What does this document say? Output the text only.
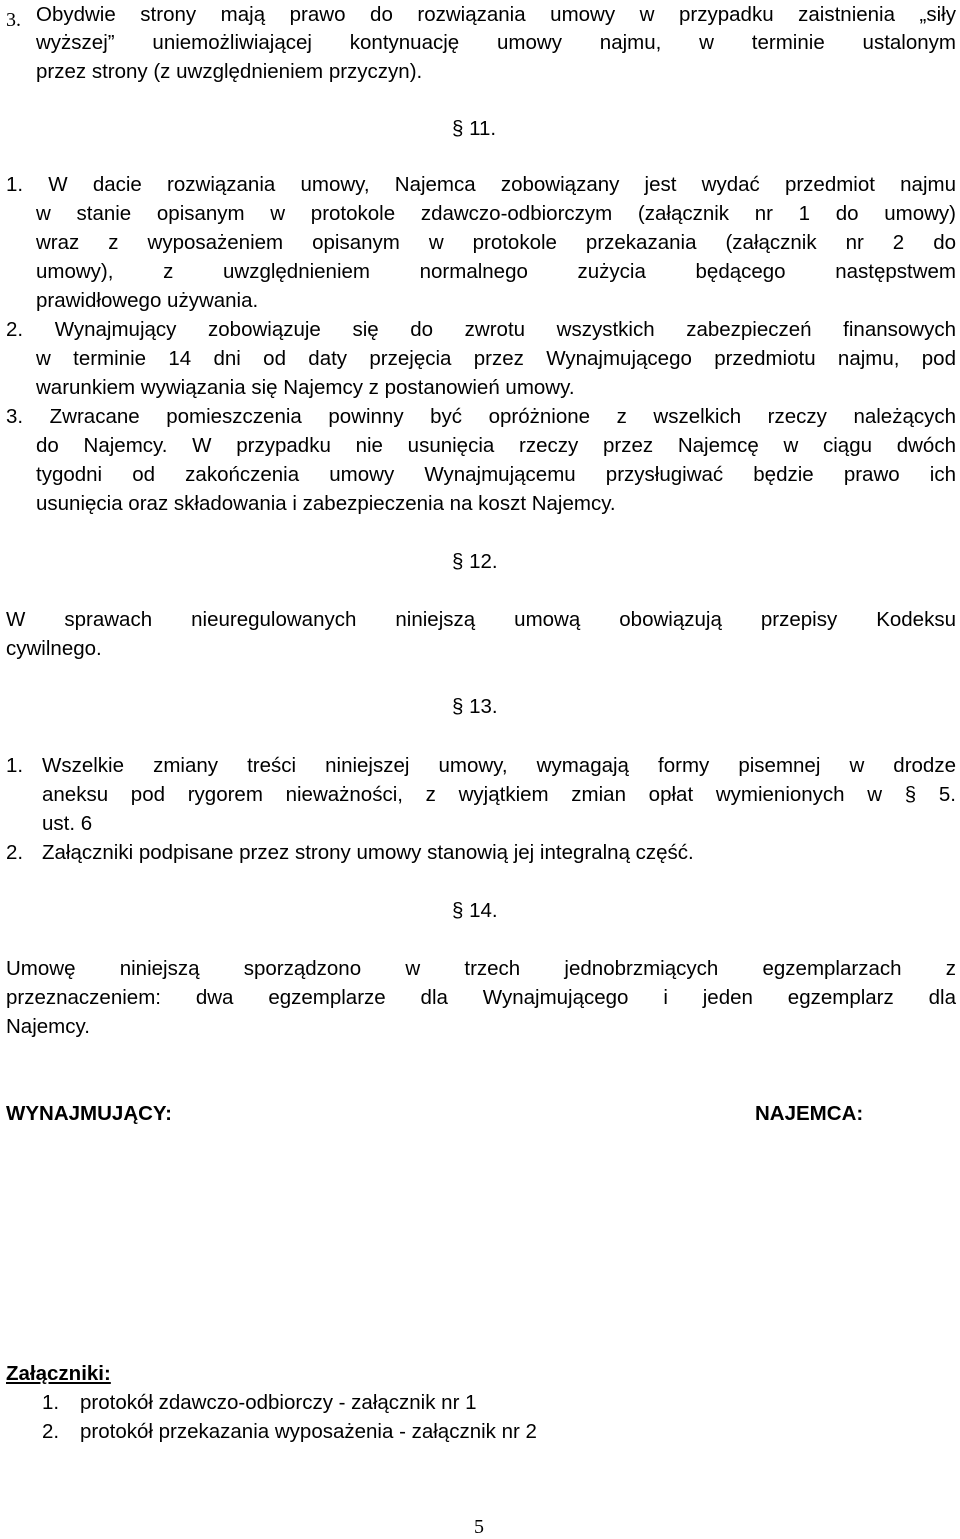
3. Obydwie strony mają prawo do rozwiązania umowy w przypadku zaistnienia „siły
wyższej” uniemożliwiającej kontynuację umowy najmu, w terminie ustalonym
przez strony (z uwzględnieniem przyczyn).
§ 11.
1. W dacie rozwiązania umowy, Najemca zobowiązany jest wydać przedmiot najmu
w stanie opisanym w protokole zdawczo-odbiorczym (załącznik nr 1 do umowy)
wraz z wyposażeniem opisanym w protokole przekazania (załącznik nr 2 do
umowy), z uwzględnieniem normalnego zużycia będącego następstwem
prawidłowego używania.
2. Wynajmujący zobowiązuje się do zwrotu wszystkich zabezpieczeń finansowych
w terminie 14 dni od daty przejęcia przez Wynajmującego przedmiotu najmu, pod
warunkiem wywiązania się Najemcy z postanowień umowy.
3. Zwracane pomieszczenia powinny być opróżnione z wszelkich rzeczy należących
do Najemcy. W przypadku nie usunięcia rzeczy przez Najemcę w ciągu dwóch
tygodni od zakończenia umowy Wynajmującemu przysługiwać będzie prawo ich
usunięcia oraz składowania i zabezpieczenia na koszt Najemcy.
§ 12.
W sprawach nieuregulowanych niniejszą umową obowiązują przepisy Kodeksu
cywilnego.
§ 13.
1. Wszelkie zmiany treści niniejszej umowy, wymagają formy pisemnej w drodze
aneksu pod rygorem nieważności, z wyjątkiem zmian opłat wymienionych w § 5.
ust. 6
2. Załączniki podpisane przez strony umowy stanowią jej integralną część.
§ 14.
Umowę niniejszą sporządzono w trzech jednobrzmiących egzemplarzach z
przeznaczeniem: dwa egzemplarze dla Wynajmującego i jeden egzemplarz dla
Najemcy.
WYNAJMUJĄCY:	NAJEMCA:
Załączniki:
1. protokół zdawczo-odbiorczy - załącznik nr 1
2. protokół przekazania wyposażenia - załącznik nr 2
5
